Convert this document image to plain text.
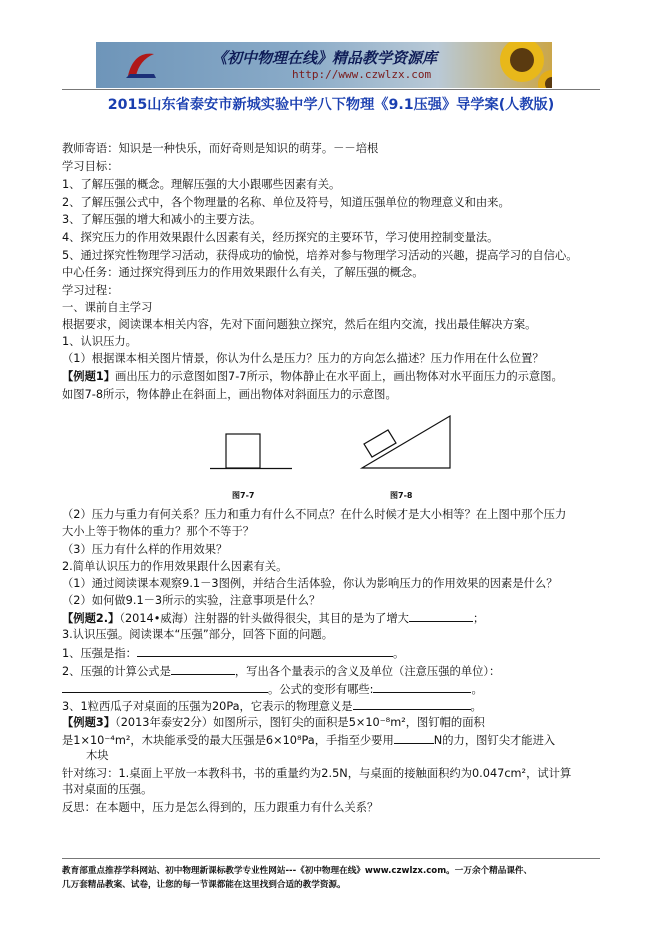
《初中物理在线》精品教学资源库
http://www.czwlzx.com
2015山东省泰安市新城实验中学八下物理《9.1压强》导学案(人教版)
教师寄语：知识是一种快乐，而好奇则是知识的萌芽。－－培根
学习目标：
1、了解压强的概念。理解压强的大小跟哪些因素有关。
2、了解压强公式中，各个物理量的名称、单位及符号，知道压强单位的物理意义和由来。
3、了解压强的增大和减小的主要方法。
4、探究压力的作用效果跟什么因素有关，经历探究的主要环节，学习使用控制变量法。
5、通过探究性物理学习活动，获得成功的愉悦，培养对参与物理学习活动的兴趣，提高学习的自信心。
中心任务：通过探究得到压力的作用效果跟什么有关，了解压强的概念。
学习过程：
一、课前自主学习
根据要求，阅读课本相关内容，先对下面问题独立探究，然后在组内交流，找出最佳解决方案。
1、认识压力。
（1）根据课本相关图片情景，你认为什么是压力？压力的方向怎么描述？压力作用在什么位置？
【例题1】画出压力的示意图如图7-7所示，物体静止在水平面上，画出物体对水平面压力的示意图。
如图7-8所示，物体静止在斜面上，画出物体对斜面压力的示意图。
图7-7	图7-8
（2）压力与重力有何关系？压力和重力有什么不同点？在什么时候才是大小相等？在上图中那个压力
大小上等于物体的重力？那个不等于？
（3）压力有什么样的作用效果？
2.简单认识压力的作用效果跟什么因素有关。
（1）通过阅读课本观察9.1－3图例，并结合生活体验，你认为影响压力的作用效果的因素是什么？
（2）如何做9.1－3所示的实验，注意事项是什么？
【例题2.】（2014•威海）注射器的针头做得很尖，其目的是为了增大	；
3.认识压强。阅读课本“压强”部分，回答下面的问题。
1、压强是指：	。
2、压强的计算公式是	，写出各个量表示的含义及单位（注意压强的单位）：
。公式的变形有哪些:	。
3、1粒西瓜子对桌面的压强为20Pa，它表示的物理意义是	。
【例题3】（2013年泰安2分）如图所示，图钉尖的面积是5×10⁻⁸m²，图钉帽的面积
是1×10⁻⁴m²，木块能承受的最大压强是6×10⁸Pa，手指至少要用	N的力，图钉尖才能进入
木块
针对练习：1.桌面上平放一本教科书，书的重量约为2.5N，与桌面的接触面积约为0.047cm²，试计算
书对桌面的压强。
反思：在本题中，压力是怎么得到的，压力跟重力有什么关系？
教育部重点推荐学科网站、初中物理新课标教学专业性网站---《初中物理在线》www.czwlzx.com。一万余个精品课件、
几万套精品教案、试卷，让您的每一节课都能在这里找到合适的教学资源。
